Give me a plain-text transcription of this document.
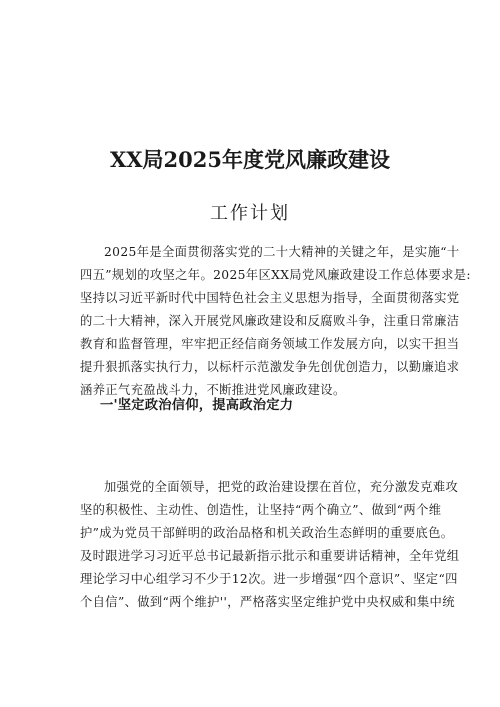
XX局2025年度党风廉政建设
工作计划
2025年是全面贯彻落实党的二十大精神的关键之年，是实施“十
四五”规划的攻坚之年。2025年区XX局党风廉政建设工作总体要求是:
坚持以习近平新时代中国特色社会主义思想为指导，全面贯彻落实党
的二十大精神，深入开展党风廉政建设和反腐败斗争，注重日常廉洁
教育和监督管理，牢牢把正经信商务领域工作发展方向，以实干担当
提升狠抓落实执行力，以标杆示范激发争先创优创造力，以勤廉追求
涵养正气充盈战斗力，不断推进党风廉政建设。
一'坚定政治信仰，提高政治定力
加强党的全面领导，把党的政治建设摆在首位，充分激发克难攻
坚的积极性、主动性、创造性，让坚持“两个确立”、做到“两个维
护”成为党员干部鲜明的政治品格和机关政治生态鲜明的重要底色。
及时跟进学习习近平总书记最新指示批示和重要讲话精神，全年党组
理论学习中心组学习不少于12次。进一步增强“四个意识”、坚定“四
个自信”、做到“两个维护''，严格落实坚定维护党中央权威和集中统
